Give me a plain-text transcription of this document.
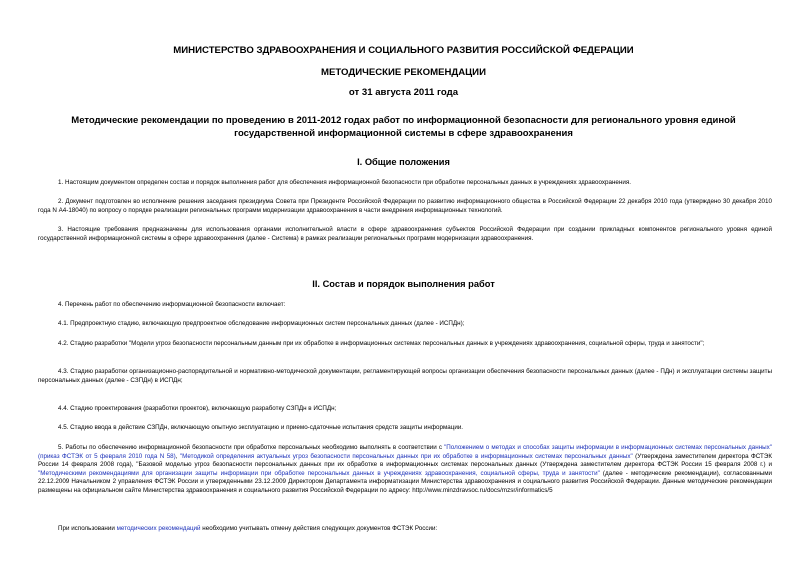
МИНИСТЕРСТВО ЗДРАВООХРАНЕНИЯ И СОЦИАЛЬНОГО РАЗВИТИЯ РОССИЙСКОЙ ФЕДЕРАЦИИ
МЕТОДИЧЕСКИЕ РЕКОМЕНДАЦИИ
от 31 августа 2011 года
Методические рекомендации по проведению в 2011-2012 годах работ по информационной безопасности для регионального уровня единой государственной информационной системы в сфере здравоохранения
I. Общие положения
1. Настоящим документом определен состав и порядок выполнения работ для обеспечения информационной безопасности при обработке персональных данных в учреждениях здравоохранения.
2. Документ подготовлен во исполнение решения заседания президиума Совета при Президенте Российской Федерации по развитию информационного общества в Российской Федерации 22 декабря 2010 года (утверждено 30 декабря 2010 года N А4-18040) по вопросу о порядке реализации региональных программ модернизации здравоохранения в части внедрения информационных технологий.
3. Настоящие требования предназначены для использования органами исполнительной власти в сфере здравоохранения субъектов Российской Федерации при создании прикладных компонентов регионального уровня единой государственной информационной системы в сфере здравоохранения (далее - Система) в рамках реализации региональных программ модернизации здравоохранения.
II. Состав и порядок выполнения работ
4. Перечень работ по обеспечению информационной безопасности включает:
4.1. Предпроектную стадию, включающую предпроектное обследование информационных систем персональных данных (далее - ИСПДн);
4.2. Стадию разработки "Модели угроз безопасности персональным данным при их обработке в информационных системах персональных данных в учреждениях здравоохранения, социальной сферы, труда и занятости";
4.3. Стадию разработки организационно-распорядительной и нормативно-методической документации, регламентирующей вопросы организации обеспечения безопасности персональных данных (далее - ПДн) и эксплуатации системы защиты персональных данных (далее - СЗПДн) в ИСПДн;
4.4. Стадию проектирования (разработки проектов), включающую разработку СЗПДн в ИСПДн;
4.5. Стадию ввода в действие СЗПДн, включающую опытную эксплуатацию и приемо-сдаточные испытания средств защиты информации.
5. Работы по обеспечению информационной безопасности при обработке персональных необходимо выполнять в соответствии с "Положением о методах и способах защиты информации в информационных системах персональных данных" (приказ ФСТЭК от 5 февраля 2010 года N 58), "Методикой определения актуальных угроз безопасности персональных данных при их обработке в информационных системах персональных данных" (Утверждена заместителем директора ФСТЭК России 14 февраля 2008 года), "Базовой моделью угроз безопасности персональных данных при их обработке в информационных системах персональных данных (Утверждена заместителем директора ФСТЭК России 15 февраля 2008 г.) и "Методическими рекомендациями для организации защиты информации при обработке персональных данных в учреждениях здравоохранения, социальной сферы, труда и занятости" (далее - методические рекомендации), согласованными 22.12.2009 Начальником 2 управления ФСТЭК России и утвержденными 23.12.2009 Директором Департамента информатизации Министерства здравоохранения и социального развития Российской Федерации. Данные методические рекомендации размещены на официальном сайте Министерства здравоохранения и социального развития Российской Федерации по адресу: http://www.minzdravsoc.ru/docs/mzsr/informatics/5
При использовании методических рекомендаций необходимо учитывать отмену действия следующих документов ФСТЭК России:
